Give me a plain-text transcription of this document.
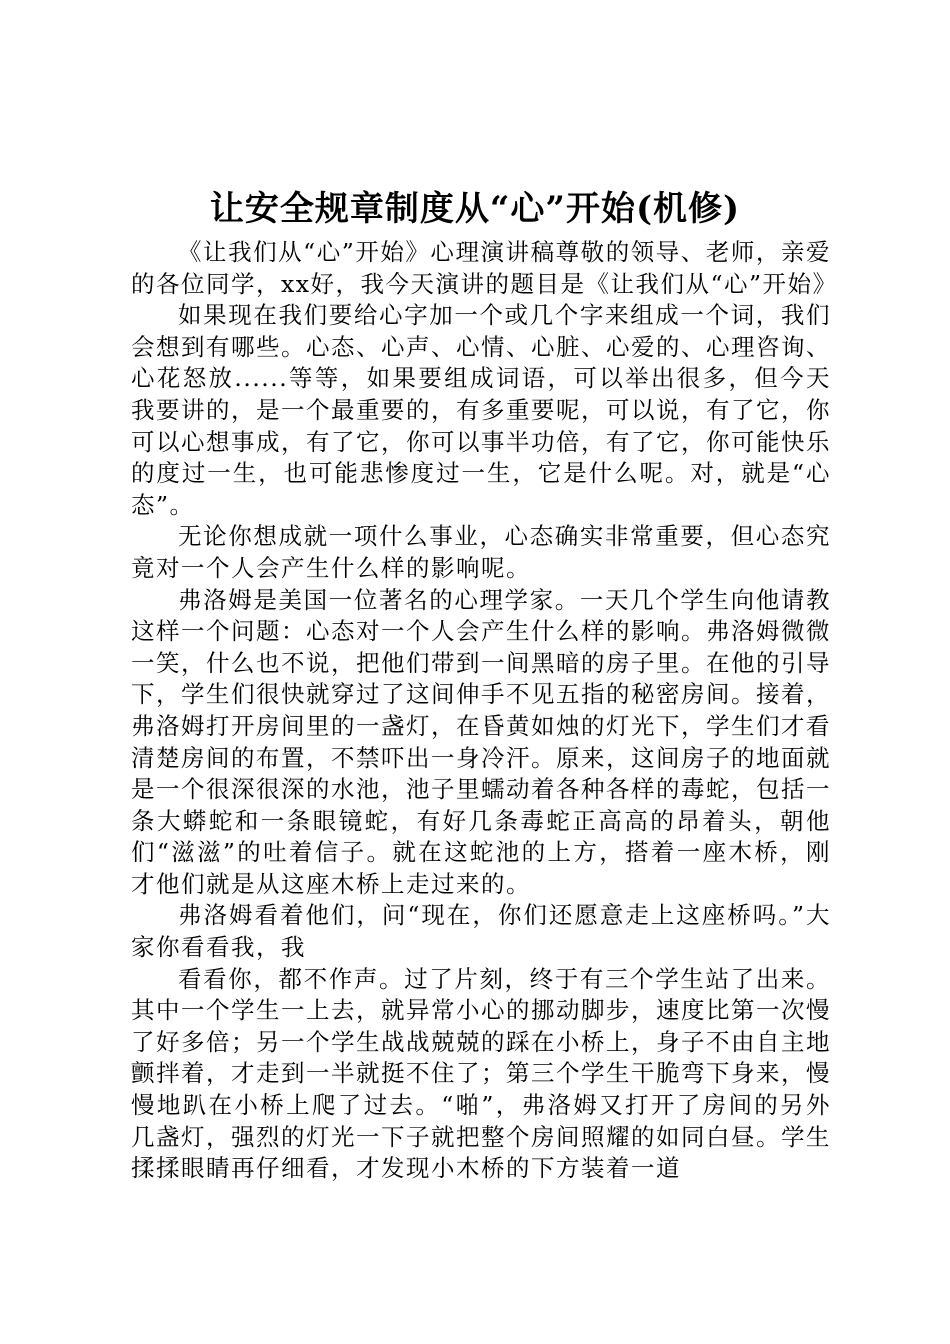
让安全规章制度从“心”开始(机修)

《让我们从“心”开始》心理演讲稿尊敬的领导、老师，亲爱的各位同学，xx好，我今天演讲的题目是《让我们从“心”开始》

如果现在我们要给心字加一个或几个字来组成一个词，我们会想到有哪些。心态、心声、心情、心脏、心爱的、心理咨询、心花怒放......等等，如果要组成词语，可以举出很多，但今天我要讲的，是一个最重要的，有多重要呢，可以说，有了它，你可以心想事成，有了它，你可以事半功倍，有了它，你可能快乐的度过一生，也可能悲惨度过一生，它是什么呢。对，就是“心态”。

无论你想成就一项什么事业，心态确实非常重要，但心态究竟对一个人会产生什么样的影响呢。

弗洛姆是美国一位著名的心理学家。一天几个学生向他请教这样一个问题：心态对一个人会产生什么样的影响。弗洛姆微微一笑，什么也不说，把他们带到一间黑暗的房子里。在他的引导下，学生们很快就穿过了这间伸手不见五指的秘密房间。接着，弗洛姆打开房间里的一盏灯，在昏黄如烛的灯光下，学生们才看清楚房间的布置，不禁吓出一身冷汗。原来，这间房子的地面就是一个很深很深的水池，池子里蠕动着各种各样的毒蛇，包括一条大蟒蛇和一条眼镜蛇，有好几条毒蛇正高高的昂着头，朝他们“滋滋”的吐着信子。就在这蛇池的上方，搭着一座木桥，刚才他们就是从这座木桥上走过来的。

弗洛姆看着他们，问“现在，你们还愿意走上这座桥吗。”大家你看看我，我

看看你，都不作声。过了片刻，终于有三个学生站了出来。其中一个学生一上去，就异常小心的挪动脚步，速度比第一次慢了好多倍；另一个学生战战兢兢的踩在小桥上，身子不由自主地颤拌着，才走到一半就挺不住了；第三个学生干脆弯下身来，慢慢地趴在小桥上爬了过去。“啪”，弗洛姆又打开了房间的另外几盏灯，强烈的灯光一下子就把整个房间照耀的如同白昼。学生揉揉眼睛再仔细看，才发现小木桥的下方装着一道
